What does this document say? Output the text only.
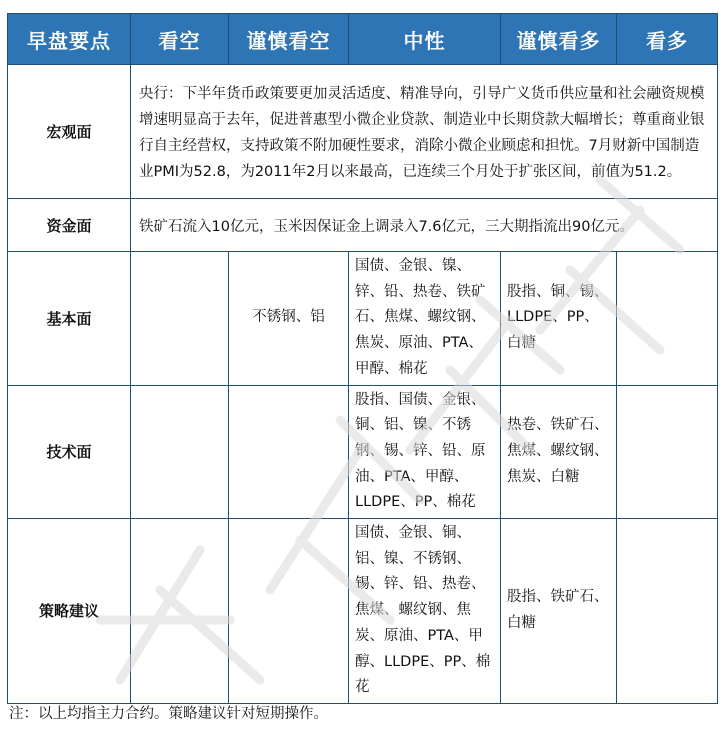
早盘要点	看空	谨慎看空	中性	谨慎看多	看多
宏观面	央行：下半年货币政策要更加灵活适度、精准导向，引导广义货币供应量和社会融资规模增速明显高于去年，促进普惠型小微企业贷款、制造业中长期贷款大幅增长；尊重商业银行自主经营权，支持政策不附加硬性要求，消除小微企业顾虑和担忧。7月财新中国制造业PMI为52.8，为2011年2月以来最高，已连续三个月处于扩张区间，前值为51.2。				
资金面	铁矿石流入10亿元，玉米因保证金上调录入7.6亿元，三大期指流出90亿元。				
基本面		不锈钢、铝	国债、金银、镍、锌、铅、热卷、铁矿石、焦煤、螺纹钢、焦炭、原油、PTA、甲醇、棉花	股指、铜、锡、LLDPE、PP、白糖	
技术面			股指、国债、金银、铜、铝、镍、不锈钢、锡、锌、铅、原油、PTA、甲醇、LLDPE、PP、棉花	热卷、铁矿石、焦煤、螺纹钢、焦炭、白糖	
策略建议			国债、金银、铜、铝、镍、不锈钢、锡、锌、铅、热卷、焦煤、螺纹钢、焦炭、原油、PTA、甲醇、LLDPE、PP、棉花	股指、铁矿石、白糖	
注：以上均指主力合约。策略建议针对短期操作。
